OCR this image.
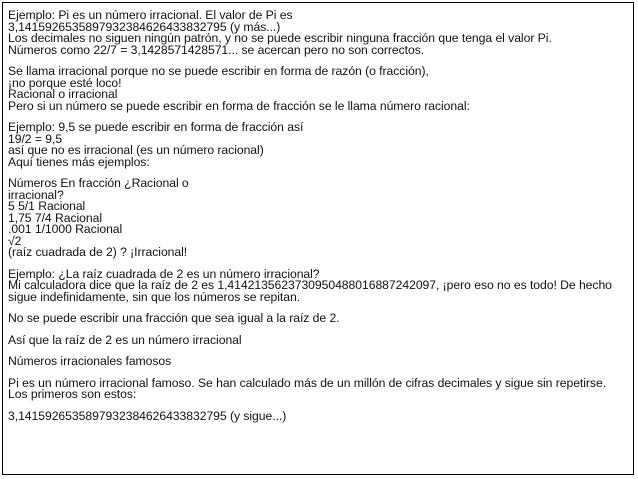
Ejemplo: Pi es un número irracional. El valor de Pi es
3,1415926535897932384626433832795 (y más...)
Los decimales no siguen ningún patrón, y no se puede escribir ninguna fracción que tenga el valor Pi.
Números como 22/7 = 3,1428571428571... se acercan pero no son correctos.
Se llama irracional porque no se puede escribir en forma de razón (o fracción),
¡no porque esté loco!
Racional o irracional
Pero si un número se puede escribir en forma de fracción se le llama número racional:
Ejemplo: 9,5 se puede escribir en forma de fracción así
19/2 = 9,5
así que no es irracional (es un número racional)
Aquí tienes más ejemplos:
Números En fracción ¿Racional o
irracional?
5 5/1 Racional
1,75 7/4 Racional
.001 1/1000 Racional
√2
(raíz cuadrada de 2) ? ¡Irracional!
Ejemplo: ¿La raíz cuadrada de 2 es un número irracional?
Mi calculadora dice que la raíz de 2 es 1,4142135623730950488016887242097, ¡pero eso no es todo! De hecho
sigue indefinidamente, sin que los números se repitan.
No se puede escribir una fracción que sea igual a la raíz de 2.
Así que la raíz de 2 es un número irracional
Números irracionales famosos
Pi es un número irracional famoso. Se han calculado más de un millón de cifras decimales y sigue sin repetirse.
Los primeros son estos:
3,1415926535897932384626433832795 (y sigue...)
